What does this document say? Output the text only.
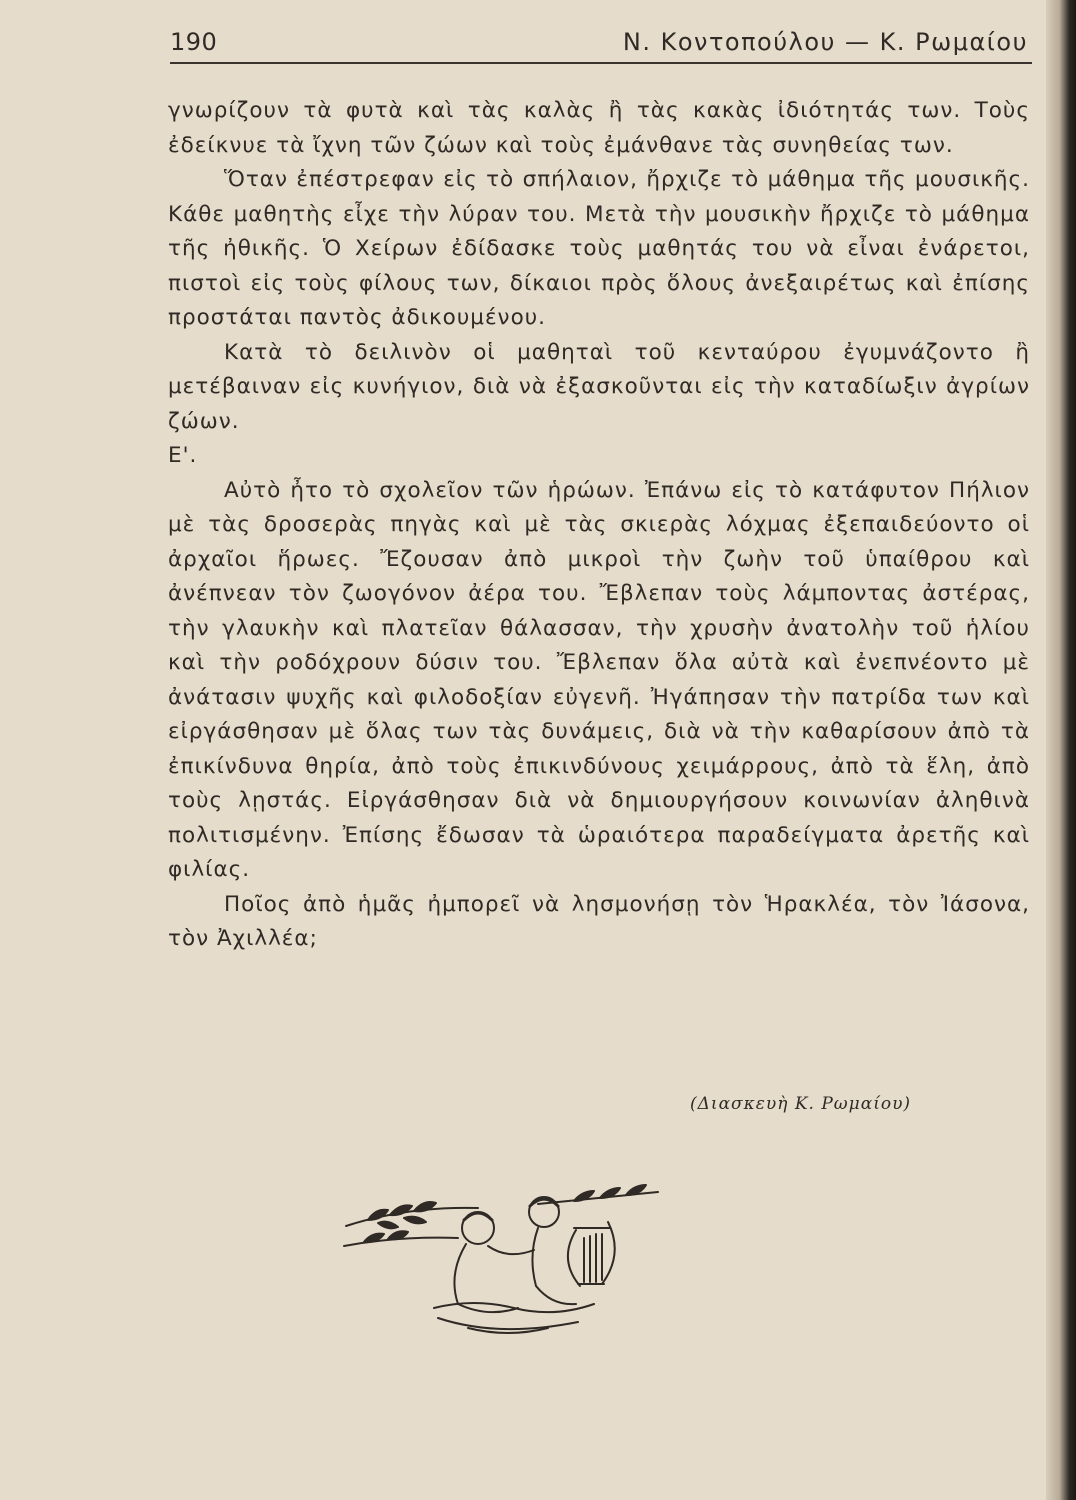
190	Ν. Κοντοπούλου — Κ. Ρωμαίου

γνωρίζουν τὰ φυτὰ καὶ τὰς καλὰς ἢ τὰς κακὰς ἰδιότητάς των. Τοὺς ἐδείκνυε τὰ ἴχνη τῶν ζώων καὶ τοὺς ἐμάνθανε τὰς συνηθείας των.

Ὅταν ἐπέστρεφαν εἰς τὸ σπήλαιον, ἤρχιζε τὸ μάθημα τῆς μουσικῆς. Κάθε μαθητὴς εἶχε τὴν λύραν του. Μετὰ τὴν μουσικὴν ἤρχιζε τὸ μάθημα τῆς ἠθικῆς. Ὁ Χείρων ἐδίδασκε τοὺς μαθητάς του νὰ εἶναι ἐνάρετοι, πιστοὶ εἰς τοὺς φίλους των, δίκαιοι πρὸς ὅλους ἀνεξαιρέτως καὶ ἐπίσης προστάται παντὸς ἀδικουμένου.

Κατὰ τὸ δειλινὸν οἱ μαθηταὶ τοῦ κενταύρου ἐγυμνάζοντο ἢ μετέβαιναν εἰς κυνήγιον, διὰ νὰ ἐξασκοῦνται εἰς τὴν καταδίωξιν ἀγρίων ζώων.

Ε'.

Αὐτὸ ἦτο τὸ σχολεῖον τῶν ἡρώων. Ἐπάνω εἰς τὸ κατάφυτον Πήλιον μὲ τὰς δροσερὰς πηγὰς καὶ μὲ τὰς σκιερὰς λόχμας ἐξεπαιδεύοντο οἱ ἀρχαῖοι ἥρωες. Ἔζουσαν ἀπὸ μικροὶ τὴν ζωὴν τοῦ ὑπαίθρου καὶ ἀνέπνεαν τὸν ζωογόνον ἀέρα του. Ἔβλεπαν τοὺς λάμποντας ἀστέρας, τὴν γλαυκὴν καὶ πλατεῖαν θάλασσαν, τὴν χρυσὴν ἀνατολὴν τοῦ ἡλίου καὶ τὴν ροδόχρουν δύσιν του. Ἔβλεπαν ὅλα αὐτὰ καὶ ἐνεπνέοντο μὲ ἀνάτασιν ψυχῆς καὶ φιλοδοξίαν εὐγενῆ. Ἠγάπησαν τὴν πατρίδα των καὶ εἰργάσθησαν μὲ ὅλας των τὰς δυνάμεις, διὰ νὰ τὴν καθαρίσουν ἀπὸ τὰ ἐπικίνδυνα θηρία, ἀπὸ τοὺς ἐπικινδύνους χειμάρρους, ἀπὸ τὰ ἕλη, ἀπὸ τοὺς λῃστάς. Εἰργάσθησαν διὰ νὰ δημιουργήσουν κοινωνίαν ἀληθινὰ πολιτισμένην. Ἐπίσης ἔδωσαν τὰ ὡραιότερα παραδείγματα ἀρετῆς καὶ φιλίας.

Ποῖος ἀπὸ ἡμᾶς ἠμπορεῖ νὰ λησμονήσῃ τὸν Ἡρακλέα, τὸν Ἰάσονα, τὸν Ἀχιλλέα;

(Διασκευὴ Κ. Ρωμαίου)
